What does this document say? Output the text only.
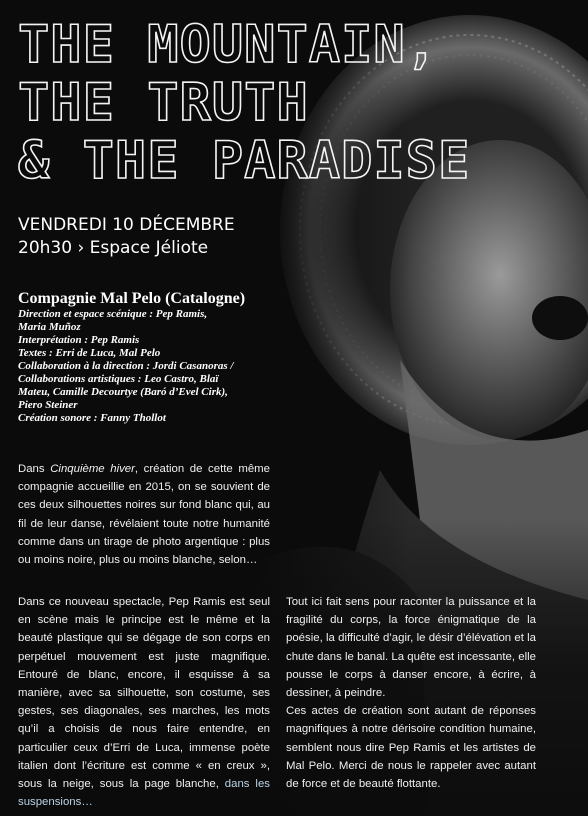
THE MOUNTAIN,
THE TRUTH
& THE PARADISE
VENDREDI 10 DÉCEMBRE
20h30 › Espace Jéliote
Compagnie Mal Pelo (Catalogne)
Direction et espace scénique : Pep Ramis,
Maria Muñoz
Interprétation : Pep Ramis
Textes : Erri de Luca, Mal Pelo
Collaboration à la direction : Jordi Casanoras /
Collaborations artistiques : Leo Castro, Blaï
Mateu, Camille Decourtye (Baró d’Evel Cirk),
Piero Steiner
Création sonore : Fanny Thollot

Dans Cinquième hiver, création de cette même compagnie accueillie en 2015, on se souvient de ces deux silhouettes noires sur fond blanc qui, au fil de leur danse, révélaient toute notre humanité comme dans un tirage de photo argentique : plus ou moins noire, plus ou moins blanche, selon…

Dans ce nouveau spectacle, Pep Ramis est seul en scène mais le principe est le même et la beauté plastique qui se dégage de son corps en perpétuel mouvement est juste magnifique. Entouré de blanc, encore, il esquisse à sa manière, avec sa silhouette, son costume, ses gestes, ses diagonales, ses marches, les mots qu’il a choisis de nous faire entendre, en particulier ceux d’Erri de Luca, immense poète italien dont l’écriture est comme « en creux », sous la neige, sous la page blanche, dans les suspensions…

Tout ici fait sens pour raconter la puissance et la fragilité du corps, la force énigmatique de la poésie, la difficulté d’agir, le désir d’élévation et la chute dans le banal. La quête est incessante, elle pousse le corps à danser encore, à écrire, à dessiner, à peindre.

Ces actes de création sont autant de réponses magnifiques à notre dérisoire condition humaine, semblent nous dire Pep Ramis et les artistes de Mal Pelo. Merci de nous le rappeler avec autant de force et de beauté flottante.
